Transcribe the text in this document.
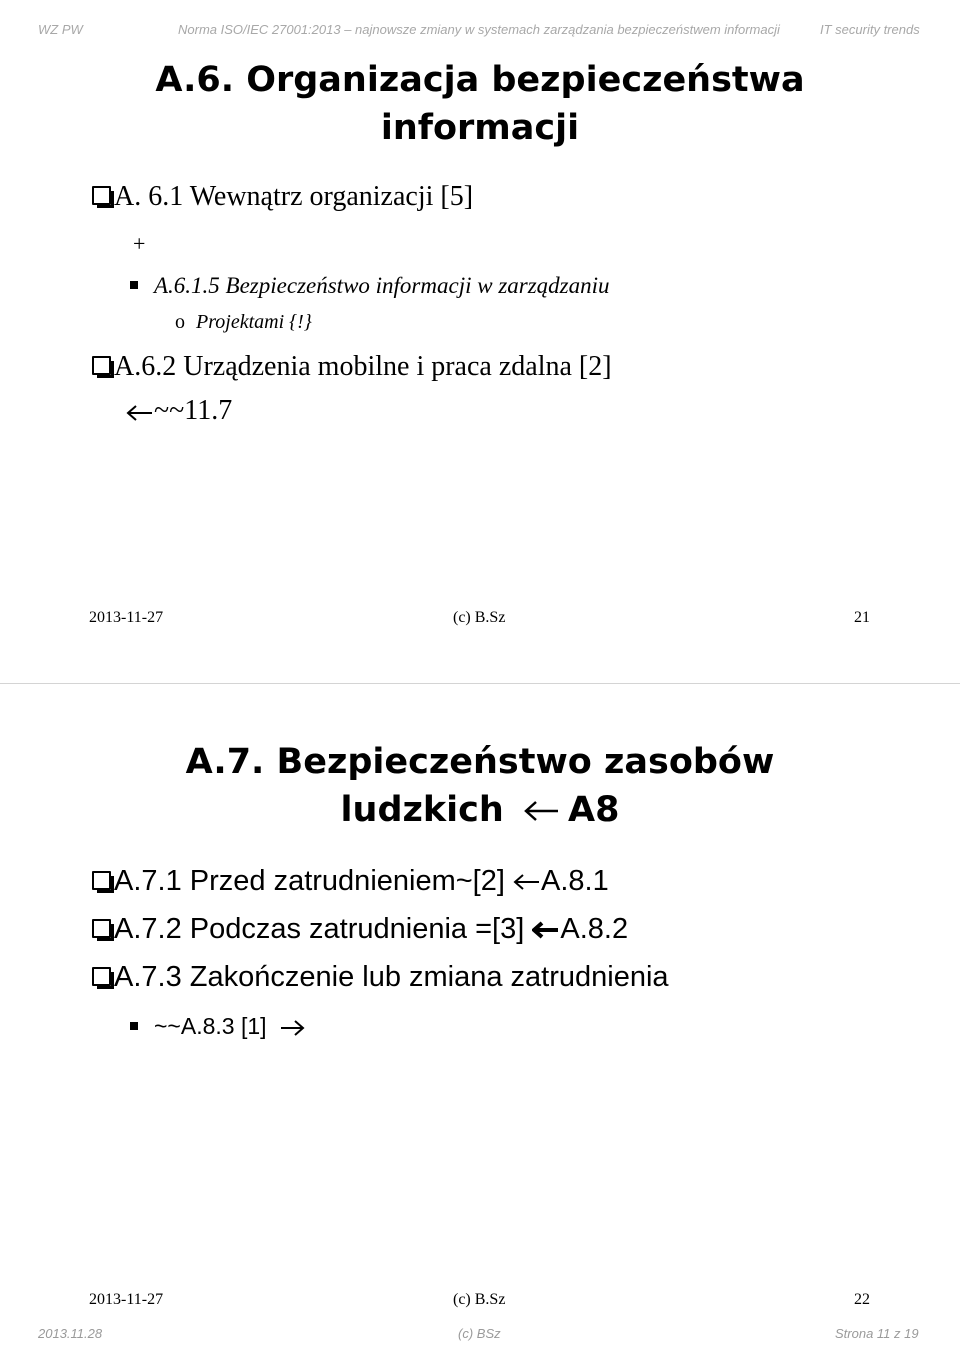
WZ PW	Norma ISO/IEC 27001:2013 – najnowsze zmiany w systemach zarządzania bezpieczeństwem informacji	IT security trends
A.6. Organizacja bezpieczeństwa
informacji
A. 6.1 Wewnątrz organizacji [5]
+
A.6.1.5 Bezpieczeństwo informacji w zarządzaniu
o Projektami {!}
A.6.2 Urządzenia mobilne i praca zdalna [2]
~~11.7
2013-11-27	(c) B.Sz	21
A.7. Bezpieczeństwo zasobów
ludzkich A8
A.7.1 Przed zatrudnieniem~[2] A.8.1
A.7.2 Podczas zatrudnienia =[3] A.8.2
A.7.3 Zakończenie lub zmiana zatrudnienia
~~A.8.3 [1]
2013-11-27	(c) B.Sz	22
2013.11.28	(c) BSz	Strona 11 z 19
